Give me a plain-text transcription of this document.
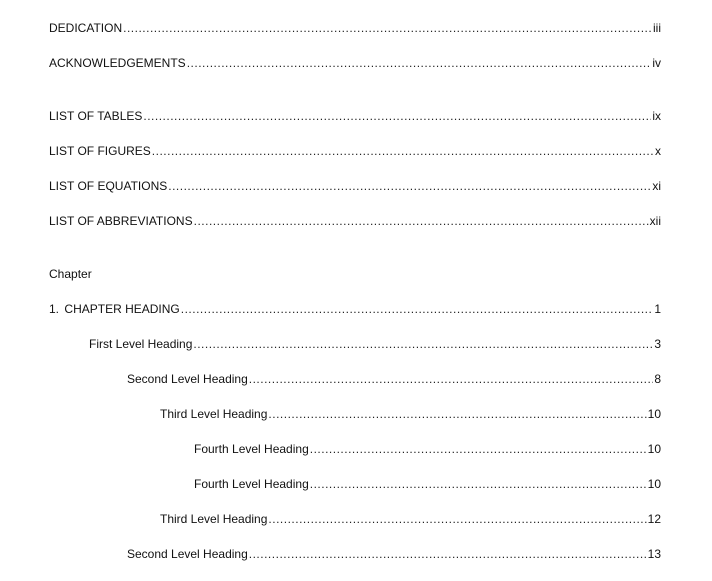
DEDICATION .....	iii
ACKNOWLEDGEMENTS .....	iv
LIST OF TABLES .....	ix
LIST OF FIGURES .....	x
LIST OF EQUATIONS .....	xi
LIST OF ABBREVIATIONS .....	xii
Chapter
1. CHAPTER HEADING .....	1
First Level Heading .....	3
Second Level Heading .....	8
Third Level Heading .....	10
Fourth Level Heading .....	10
Fourth Level Heading .....	10
Third Level Heading .....	12
Second Level Heading .....	13
